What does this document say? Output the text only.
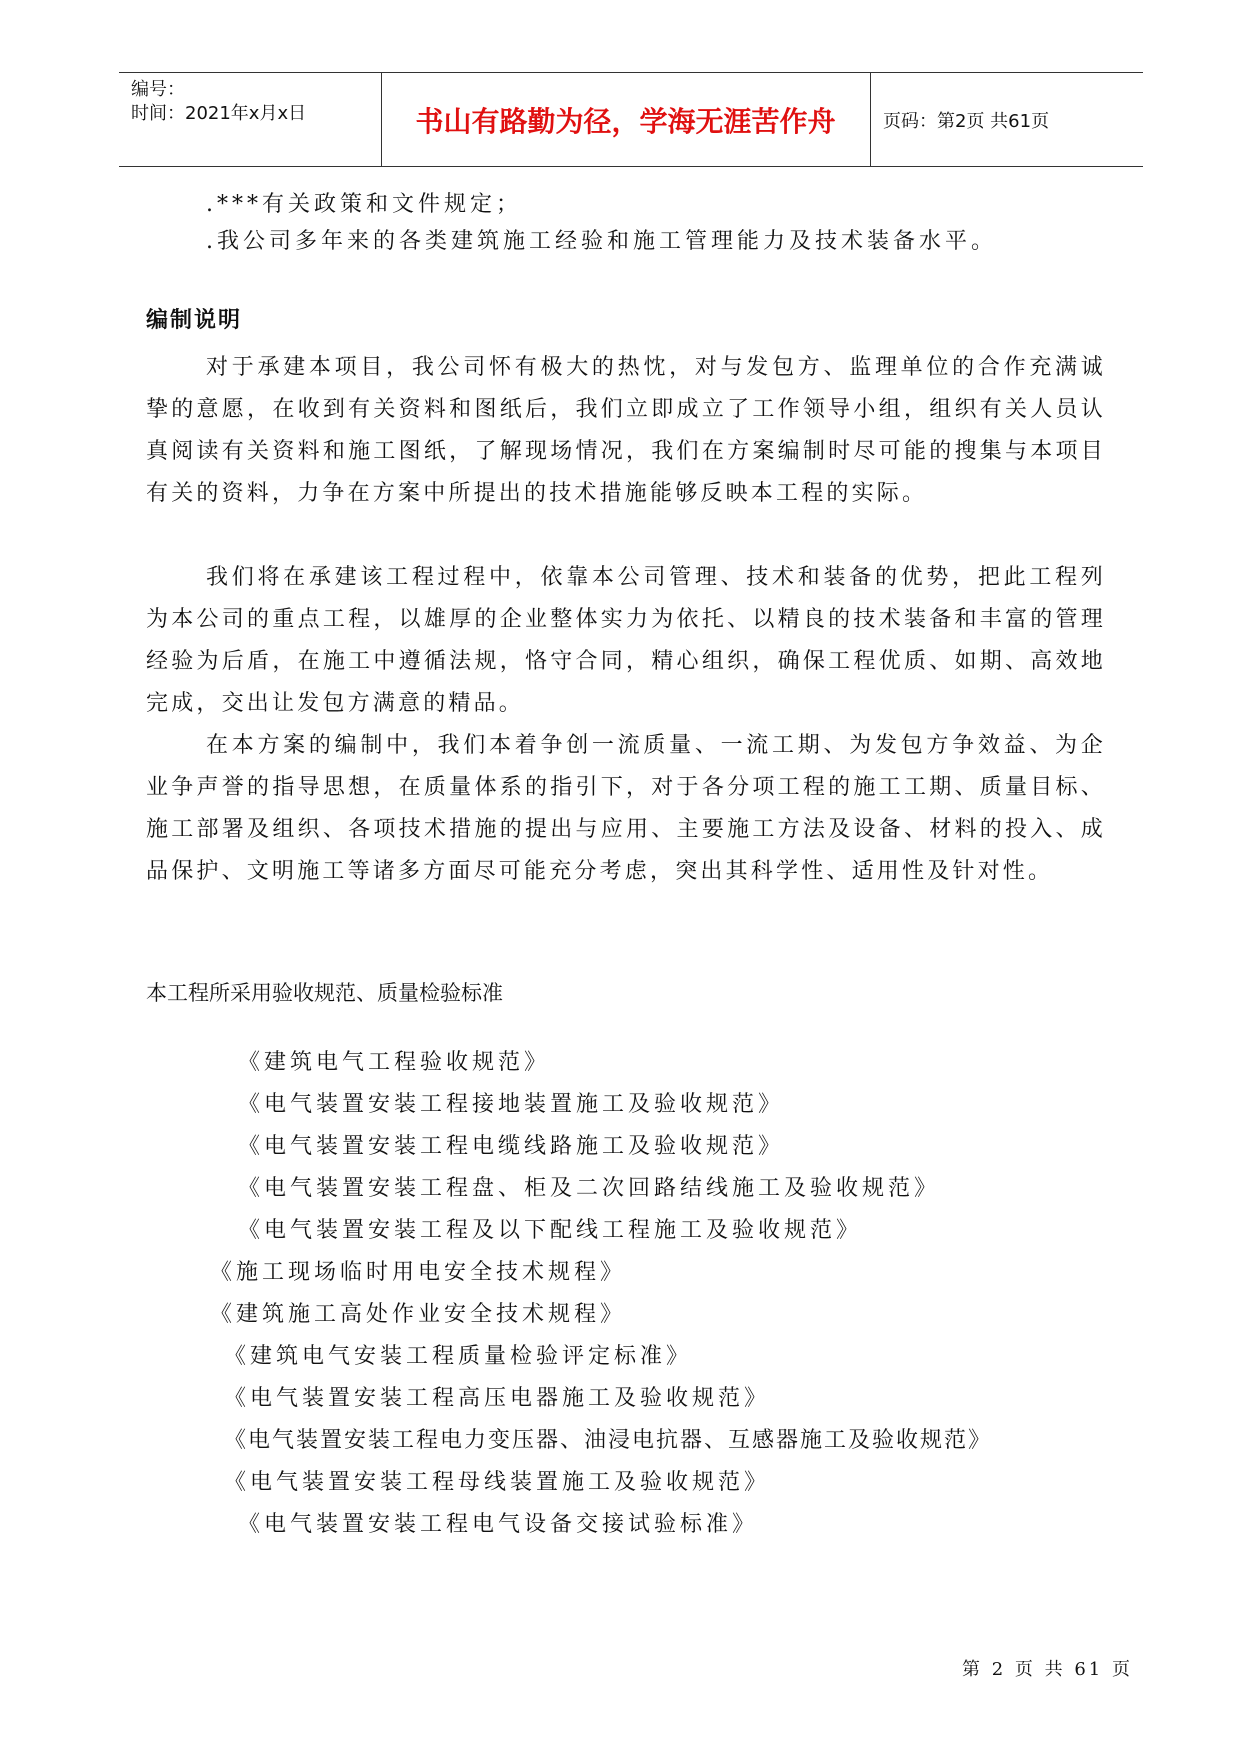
编号：
时间：2021年x月x日	书山有路勤为径，学海无涯苦作舟	页码：第2页 共61页
.***有关政策和文件规定；
.我公司多年来的各类建筑施工经验和施工管理能力及技术装备水平。
编制说明
对于承建本项目，我公司怀有极大的热忱，对与发包方、监理单位的合作充满诚挚的意愿，在收到有关资料和图纸后，我们立即成立了工作领导小组，组织有关人员认真阅读有关资料和施工图纸，了解现场情况，我们在方案编制时尽可能的搜集与本项目有关的资料，力争在方案中所提出的技术措施能够反映本工程的实际。
我们将在承建该工程过程中，依靠本公司管理、技术和装备的优势，把此工程列为本公司的重点工程，以雄厚的企业整体实力为依托、以精良的技术装备和丰富的管理经验为后盾，在施工中遵循法规，恪守合同，精心组织，确保工程优质、如期、高效地完成，交出让发包方满意的精品。
在本方案的编制中，我们本着争创一流质量、一流工期、为发包方争效益、为企业争声誉的指导思想，在质量体系的指引下，对于各分项工程的施工工期、质量目标、施工部署及组织、各项技术措施的提出与应用、主要施工方法及设备、材料的投入、成品保护、文明施工等诸多方面尽可能充分考虑，突出其科学性、适用性及针对性。
本工程所采用验收规范、质量检验标准
《建筑电气工程验收规范》
《电气装置安装工程接地装置施工及验收规范》
《电气装置安装工程电缆线路施工及验收规范》
《电气装置安装工程盘、柜及二次回路结线施工及验收规范》
《电气装置安装工程及以下配线工程施工及验收规范》
《施工现场临时用电安全技术规程》
《建筑施工高处作业安全技术规程》
《建筑电气安装工程质量检验评定标准》
《电气装置安装工程高压电器施工及验收规范》
《电气装置安装工程电力变压器、油浸电抗器、互感器施工及验收规范》
《电气装置安装工程母线装置施工及验收规范》
《电气装置安装工程电气设备交接试验标准》
第 2 页 共 61 页
